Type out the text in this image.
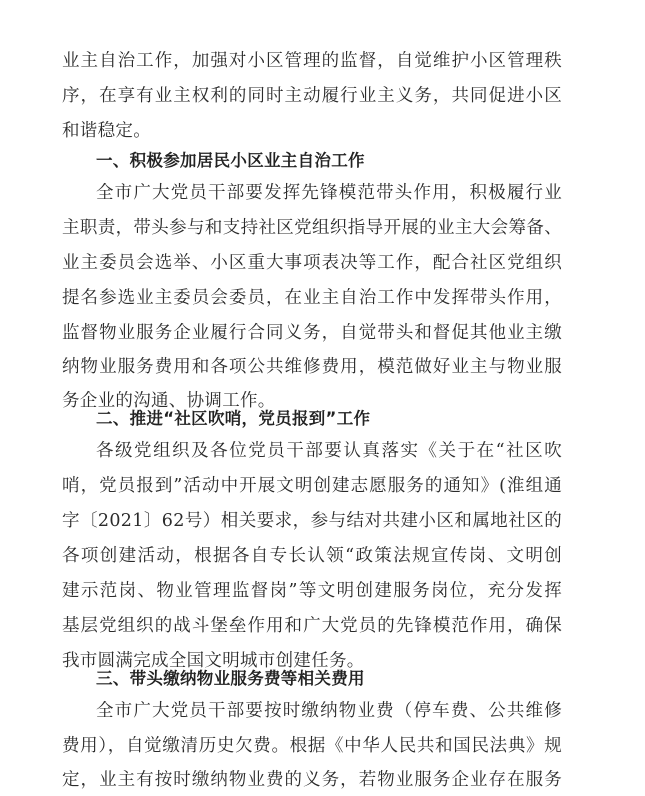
业主自治工作，加强对小区管理的监督，自觉维护小区管理秩
序，在享有业主权利的同时主动履行业主义务，共同促进小区
和谐稳定。
一、积极参加居民小区业主自治工作
全市广大党员干部要发挥先锋模范带头作用，积极履行业
主职责，带头参与和支持社区党组织指导开展的业主大会筹备、
业主委员会选举、小区重大事项表决等工作，配合社区党组织
提名参选业主委员会委员，在业主自治工作中发挥带头作用，
监督物业服务企业履行合同义务，自觉带头和督促其他业主缴
纳物业服务费用和各项公共维修费用，模范做好业主与物业服
务企业的沟通、协调工作。
二、推进“社区吹哨，党员报到”工作
各级党组织及各位党员干部要认真落实《关于在“社区吹
哨，党员报到”活动中开展文明创建志愿服务的通知》(淮组通
字〔2021〕62号）相关要求，参与结对共建小区和属地社区的
各项创建活动，根据各自专长认领“政策法规宣传岗、文明创
建示范岗、物业管理监督岗”等文明创建服务岗位，充分发挥
基层党组织的战斗堡垒作用和广大党员的先锋模范作用，确保
我市圆满完成全国文明城市创建任务。
三、带头缴纳物业服务费等相关费用
全市广大党员干部要按时缴纳物业费（停车费、公共维修
费用），自觉缴清历史欠费。根据《中华人民共和国民法典》规
定，业主有按时缴纳物业费的义务，若物业服务企业存在服务
